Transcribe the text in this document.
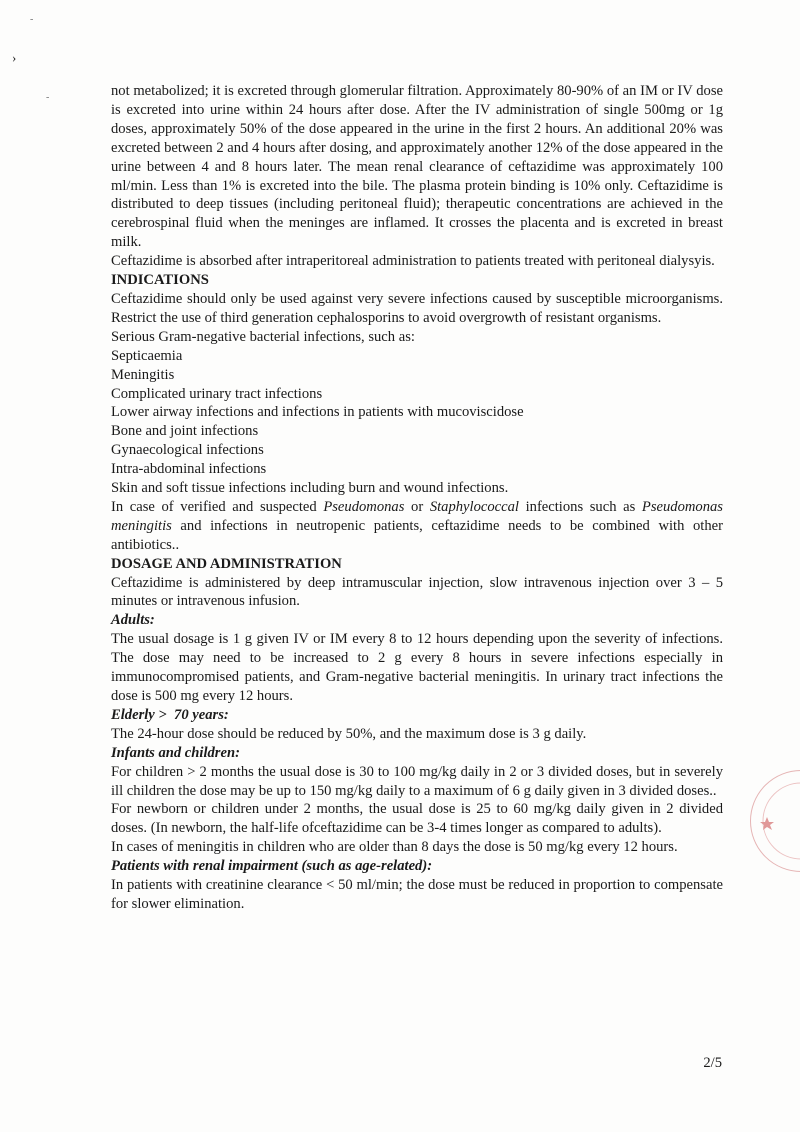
-
›
-	not metabolized; it is excreted through glomerular filtration. Approximately 80-90% of an IM or IV dose is excreted into urine within 24 hours after dose. After the IV administration of single 500mg or 1g doses, approximately 50% of the dose appeared in the urine in the first 2 hours. An additional 20% was excreted between 2 and 4 hours after dosing, and approximately another 12% of the dose appeared in the urine between 4 and 8 hours later. The mean renal clearance of ceftazidime was approximately 100 ml/min. Less than 1% is excreted into the bile. The plasma protein binding is 10% only. Ceftazidime is distributed to deep tissues (including peritoneal fluid); therapeutic concentrations are achieved in the cerebrospinal fluid when the meninges are inflamed. It crosses the placenta and is excreted in breast milk.

Ceftazidime is absorbed after intraperitoreal administration to patients treated with peritoneal dialysyis.

INDICATIONS

Ceftazidime should only be used against very severe infections caused by susceptible microorganisms. Restrict the use of third generation cephalosporins to avoid overgrowth of resistant organisms.

Serious Gram-negative bacterial infections, such as:

Septicaemia

Meningitis

Complicated urinary tract infections

Lower airway infections and infections in patients with mucoviscidose

Bone and joint infections

Gynaecological infections

Intra-abdominal infections

Skin and soft tissue infections including burn and wound infections.

In case of verified and suspected Pseudomonas or Staphylococcal infections such as Pseudomonas meningitis and infections in neutropenic patients, ceftazidime needs to be combined with other antibiotics..

DOSAGE AND ADMINISTRATION

Ceftazidime is administered by deep intramuscular injection, slow intravenous injection over 3 – 5 minutes or intravenous infusion.

Adults:

The usual dosage is 1 g given IV or IM every 8 to 12 hours depending upon the severity of infections. The dose may need to be increased to 2 g every 8 hours in severe infections especially in immunocompromised patients, and Gram-negative bacterial meningitis. In urinary tract infections the dose is 500 mg every 12 hours.

Elderly >  70 years:

The 24-hour dose should be reduced by 50%, and the maximum dose is 3 g daily.

Infants and children:

For children > 2 months the usual dose is 30 to 100 mg/kg daily in 2 or 3 divided doses, but in severely ill children the dose may be up to 150 mg/kg daily to a maximum of 6 g daily given in 3 divided doses..

For newborn or children under 2 months, the usual dose is 25 to 60 mg/kg daily given in 2 divided doses. (In newborn, the half-life ofceftazidime can be 3-4 times longer as compared to adults).

In cases of meningitis in children who are older than 8 days the dose is 50 mg/kg every 12 hours.

Patients with renal impairment (such as age-related):

In patients with creatinine clearance < 50 ml/min; the dose must be reduced in proportion to compensate for slower elimination.

2/5
